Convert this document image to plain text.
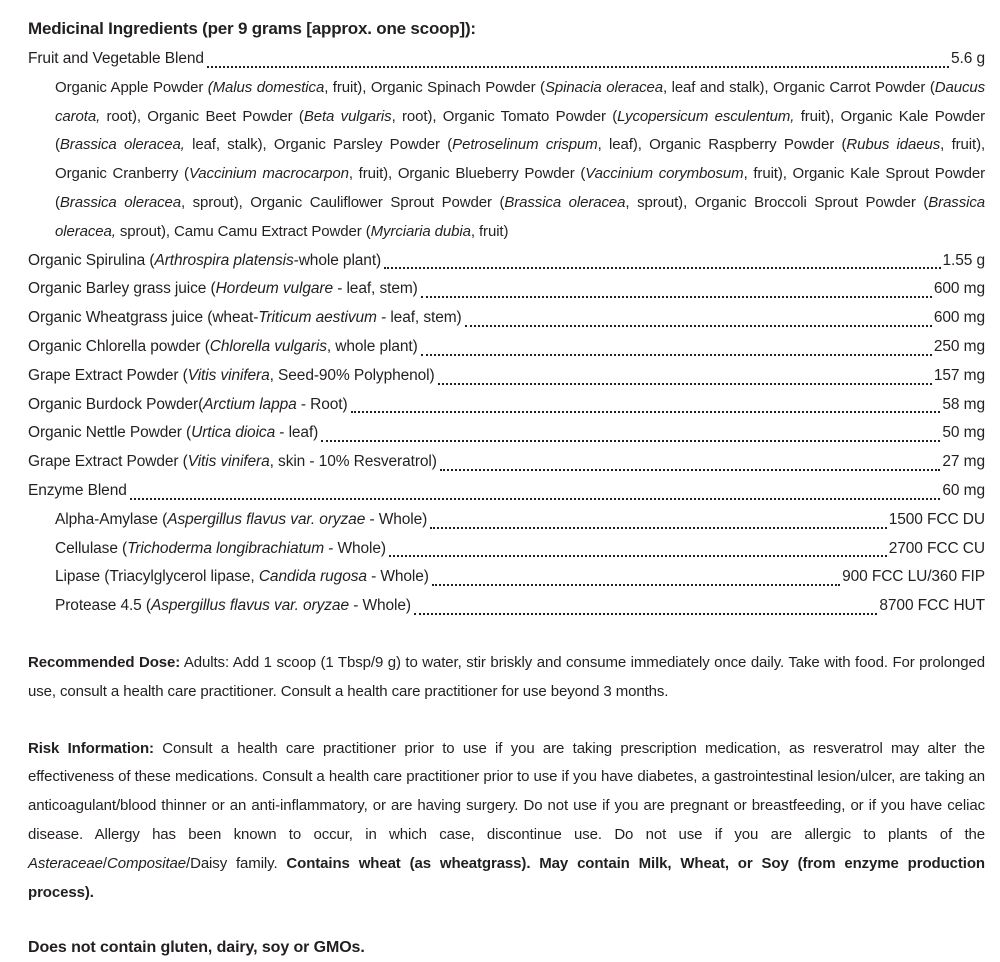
Medicinal Ingredients (per 9 grams [approx. one scoop]):
Fruit and Vegetable Blend	5.6 g
Organic Apple Powder (Malus domestica, fruit), Organic Spinach Powder (Spinacia oleracea, leaf and stalk), Organic Carrot Powder (Daucus carota, root), Organic Beet Powder (Beta vulgaris, root), Organic Tomato Powder (Lycopersicum esculentum, fruit), Organic Kale Powder (Brassica oleracea, leaf, stalk), Organic Parsley Powder (Petroselinum crispum, leaf), Organic Raspberry Powder (Rubus idaeus, fruit), Organic Cranberry (Vaccinium macrocarpon, fruit), Organic Blueberry Powder (Vaccinium corymbosum, fruit), Organic Kale Sprout Powder (Brassica oleracea, sprout), Organic Cauliflower Sprout Powder (Brassica oleracea, sprout), Organic Broccoli Sprout Powder (Brassica oleracea, sprout), Camu Camu Extract Powder (Myrciaria dubia, fruit)
Organic Spirulina (Arthrospira platensis-whole plant)	1.55 g
Organic Barley grass juice (Hordeum vulgare - leaf, stem)	600 mg
Organic Wheatgrass juice (wheat-Triticum aestivum - leaf, stem)	600 mg
Organic Chlorella powder (Chlorella vulgaris, whole plant)	250 mg
Grape Extract Powder (Vitis vinifera, Seed-90% Polyphenol)	157 mg
Organic Burdock Powder(Arctium lappa - Root)	58 mg
Organic Nettle Powder (Urtica dioica - leaf)	50 mg
Grape Extract Powder (Vitis vinifera, skin - 10% Resveratrol)	27 mg
Enzyme Blend	60 mg
Alpha-Amylase (Aspergillus flavus var. oryzae - Whole)	1500 FCC DU
Cellulase (Trichoderma longibrachiatum - Whole)	2700 FCC CU
Lipase (Triacylglycerol lipase, Candida rugosa - Whole)	900 FCC LU/360 FIP
Protease 4.5 (Aspergillus flavus var. oryzae - Whole)	8700 FCC HUT

Recommended Dose: Adults: Add 1 scoop (1 Tbsp/9 g) to water, stir briskly and consume immediately once daily. Take with food. For prolonged use, consult a health care practitioner. Consult a health care practitioner for use beyond 3 months.

Risk Information: Consult a health care practitioner prior to use if you are taking prescription medication, as resveratrol may alter the effectiveness of these medications. Consult a health care practitioner prior to use if you have diabetes, a gastrointestinal lesion/ulcer, are taking an anticoagulant/blood thinner or an anti-inflammatory, or are having surgery. Do not use if you are pregnant or breastfeeding, or if you have celiac disease. Allergy has been known to occur, in which case, discontinue use. Do not use if you are allergic to plants of the Asteraceae/Compositae/Daisy family. Contains wheat (as wheatgrass). May contain Milk, Wheat, or Soy (from enzyme production process).

Does not contain gluten, dairy, soy or GMOs.
